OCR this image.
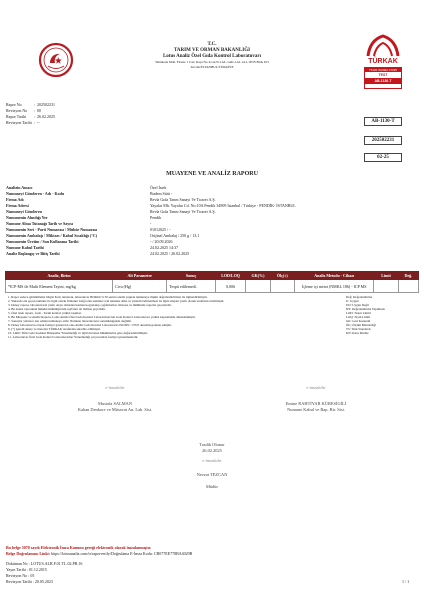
T.C.
TARIM VE ORMAN BAKANLIĞI
Lotus Analiz Özel Gıda Kontrol Laboratuvarı
Tahtakale Mah. Firuze 1 Cad. Kapı No 4/1A/N-1AL-1AK-1AJ-1A1-1H B Blok D:5
Avcılar/İSTANBUL/TÜRKİYE
TÜRKAK
TS EN ISO/IEC 17025
TEST
AB-1130-T
Rapor No	: 202502231
Revizyon No : 00
Rapor Tarihi : 26.02.2025
Revizyon Tarihi : --	AB-1130-T
202502231
02-25
MUAYENE VE ANALİZ RAPORU
Analizin Amacı	Özel İstek
Numuneyi Gönderen - Adı - Kodu	Budem Sütü -
Firma Adı	Revla Gıda Tarım Sanayi Ve Ticaret A.Ş.
Firma Adresi	Yayalar Mh. Yayalar Cd. No:10A Pendik 34909 İstanbul / Türkiye - PENDİK- İSTANBUL
Numuneyi Gönderen	Revla Gıda Tarım Sanayi Ve Ticaret A.Ş.
Numunenin Alındığı Yer	Pendik
Numune Alma Tutanağı Tarih ve Sayısı	-
Numunenin Seri - Parti Numarası / Mühür Numarası	01012025 / -
Numunenin Ambalajı / Miktarı / Kabul Sıcaklığı (°C)	Orijinal Ambalaj / 250 g / 13,1
Numunenin Üretim / Son Kullanma Tarihi	- / 20.09.2026
Numune Kabul Tarihi	24.02.2025 14:37
Analiz Başlangıç ve Bitiş Tarihi	24.02.2025 / 26.02.2025
Analiz, Birim	Alt Parametre	Sonuç	LOD/LOQ	GK(%)	Ölç(±)	Analiz Metodu - Cihazı	Limit	Değ.
*ICP-MS ile Multi Element Tayini, mg/kg	Civa (Hg)	Tespit edilemedi.	0,006			İçleme içi metot (NMKL 186) - ICP MS		
1. Rapor sadece görüntüleme bilgisi hariç tutularak, laboratuvar Bölümü % 50 şartını analiz yapılan numuneye ilişkin değerlendirilmesi ile ilgilendirilmiştir.
2. Yukarıda adı geçen numune ile ilgili olarak firmanın isteği olan analizler için numune alma ve yöntem belirlenmesi ile ilgili talepler yazılı olarak tarafımıza iletilmiştir.
3. Deney raporu, laboratuvarın yazılı onayı olmadan kısmen kopyalanıp çoğaltılamaz. İmzasız ve mühürsüz raporlar geçersizdir.
4. Bu analiz raporunun hukuki bütünlüğü tüm sayfaları ile birlikte geçerlidir.
5. Özel istek raporu, Gıda - Tarım kontrol yetkisi taşımaz.
6. Bu Muayene ve Analiz Raporu, Lotus Analiz Özel Gıda Kontrol Laboratuvarı'nın Gıda Kontrol Laboratuvarı yetkisi kapsamında düzenlenmiştir.
7. Sonuçlar yalnızca test edilen numuneye aittir. Numune laboratuvarın sorumluluğunda değildir.
8. Deney laboratuvarı olarak faaliyet gösteren Lotus Analiz Gıda Kontrol Laboratuvarı ISO/IEC 17025 akreditasyonuna sahiptir.
9. (*) işaretli deney ve metotlar TÜRKAK tarafından akredite edilmiştir.
10. Limit: Türk Gıda Kodeksi Bulaşanlar Yönetmeliği ve ilgili mevzuat hükümlerine göre değerlendirilmiştir.
11. Laboratuvar Özel Gıda Kontrol Laboratuvarları Yönetmeliği çerçevesinde faaliyet göstermektedir.
Değ: Değerlendirme
U: Uygun
UD: Uygun Değil
DY: Değerlendirme Yapılmadı
LOD: Tespit Limiti
LOQ: Tayin Limiti
GK: Geri Kazanım
Ölç: Ölçüm Belirsizliği
TS: Türk Standardı
KN: Kuru Madde
e-imzalıdır
Mustafa SALMAN
Kahan Denkore ve Müsavat An. Lab. Sist.
e-imzalıdır
Emine RAHTİYAR KÜRESİGİLİ
Numune Kabul ve Rap. Bir. Sist.
Tasdik Olunur
26.02.2025
e-imzalıdır
Nevzat TEZCAN
Müdür
Bu belge 5070 sayılı Elektronik İmza Kanunu gereği elektronik olarak imzalanmıştır.
Belge Doğrulaması Linki: https://lotusanaliz.com/tr/raporverify/Doğrulama E-İmza Kodu: CB077EE778BA4029B
Doküman No : LOTUS.ALR.F.01.TL.02.PR.16
Yayın Tarihi : 01.12.2015
Revizyon No : 05
Revizyon Tarihi : 20.05.2023	1 / 1
